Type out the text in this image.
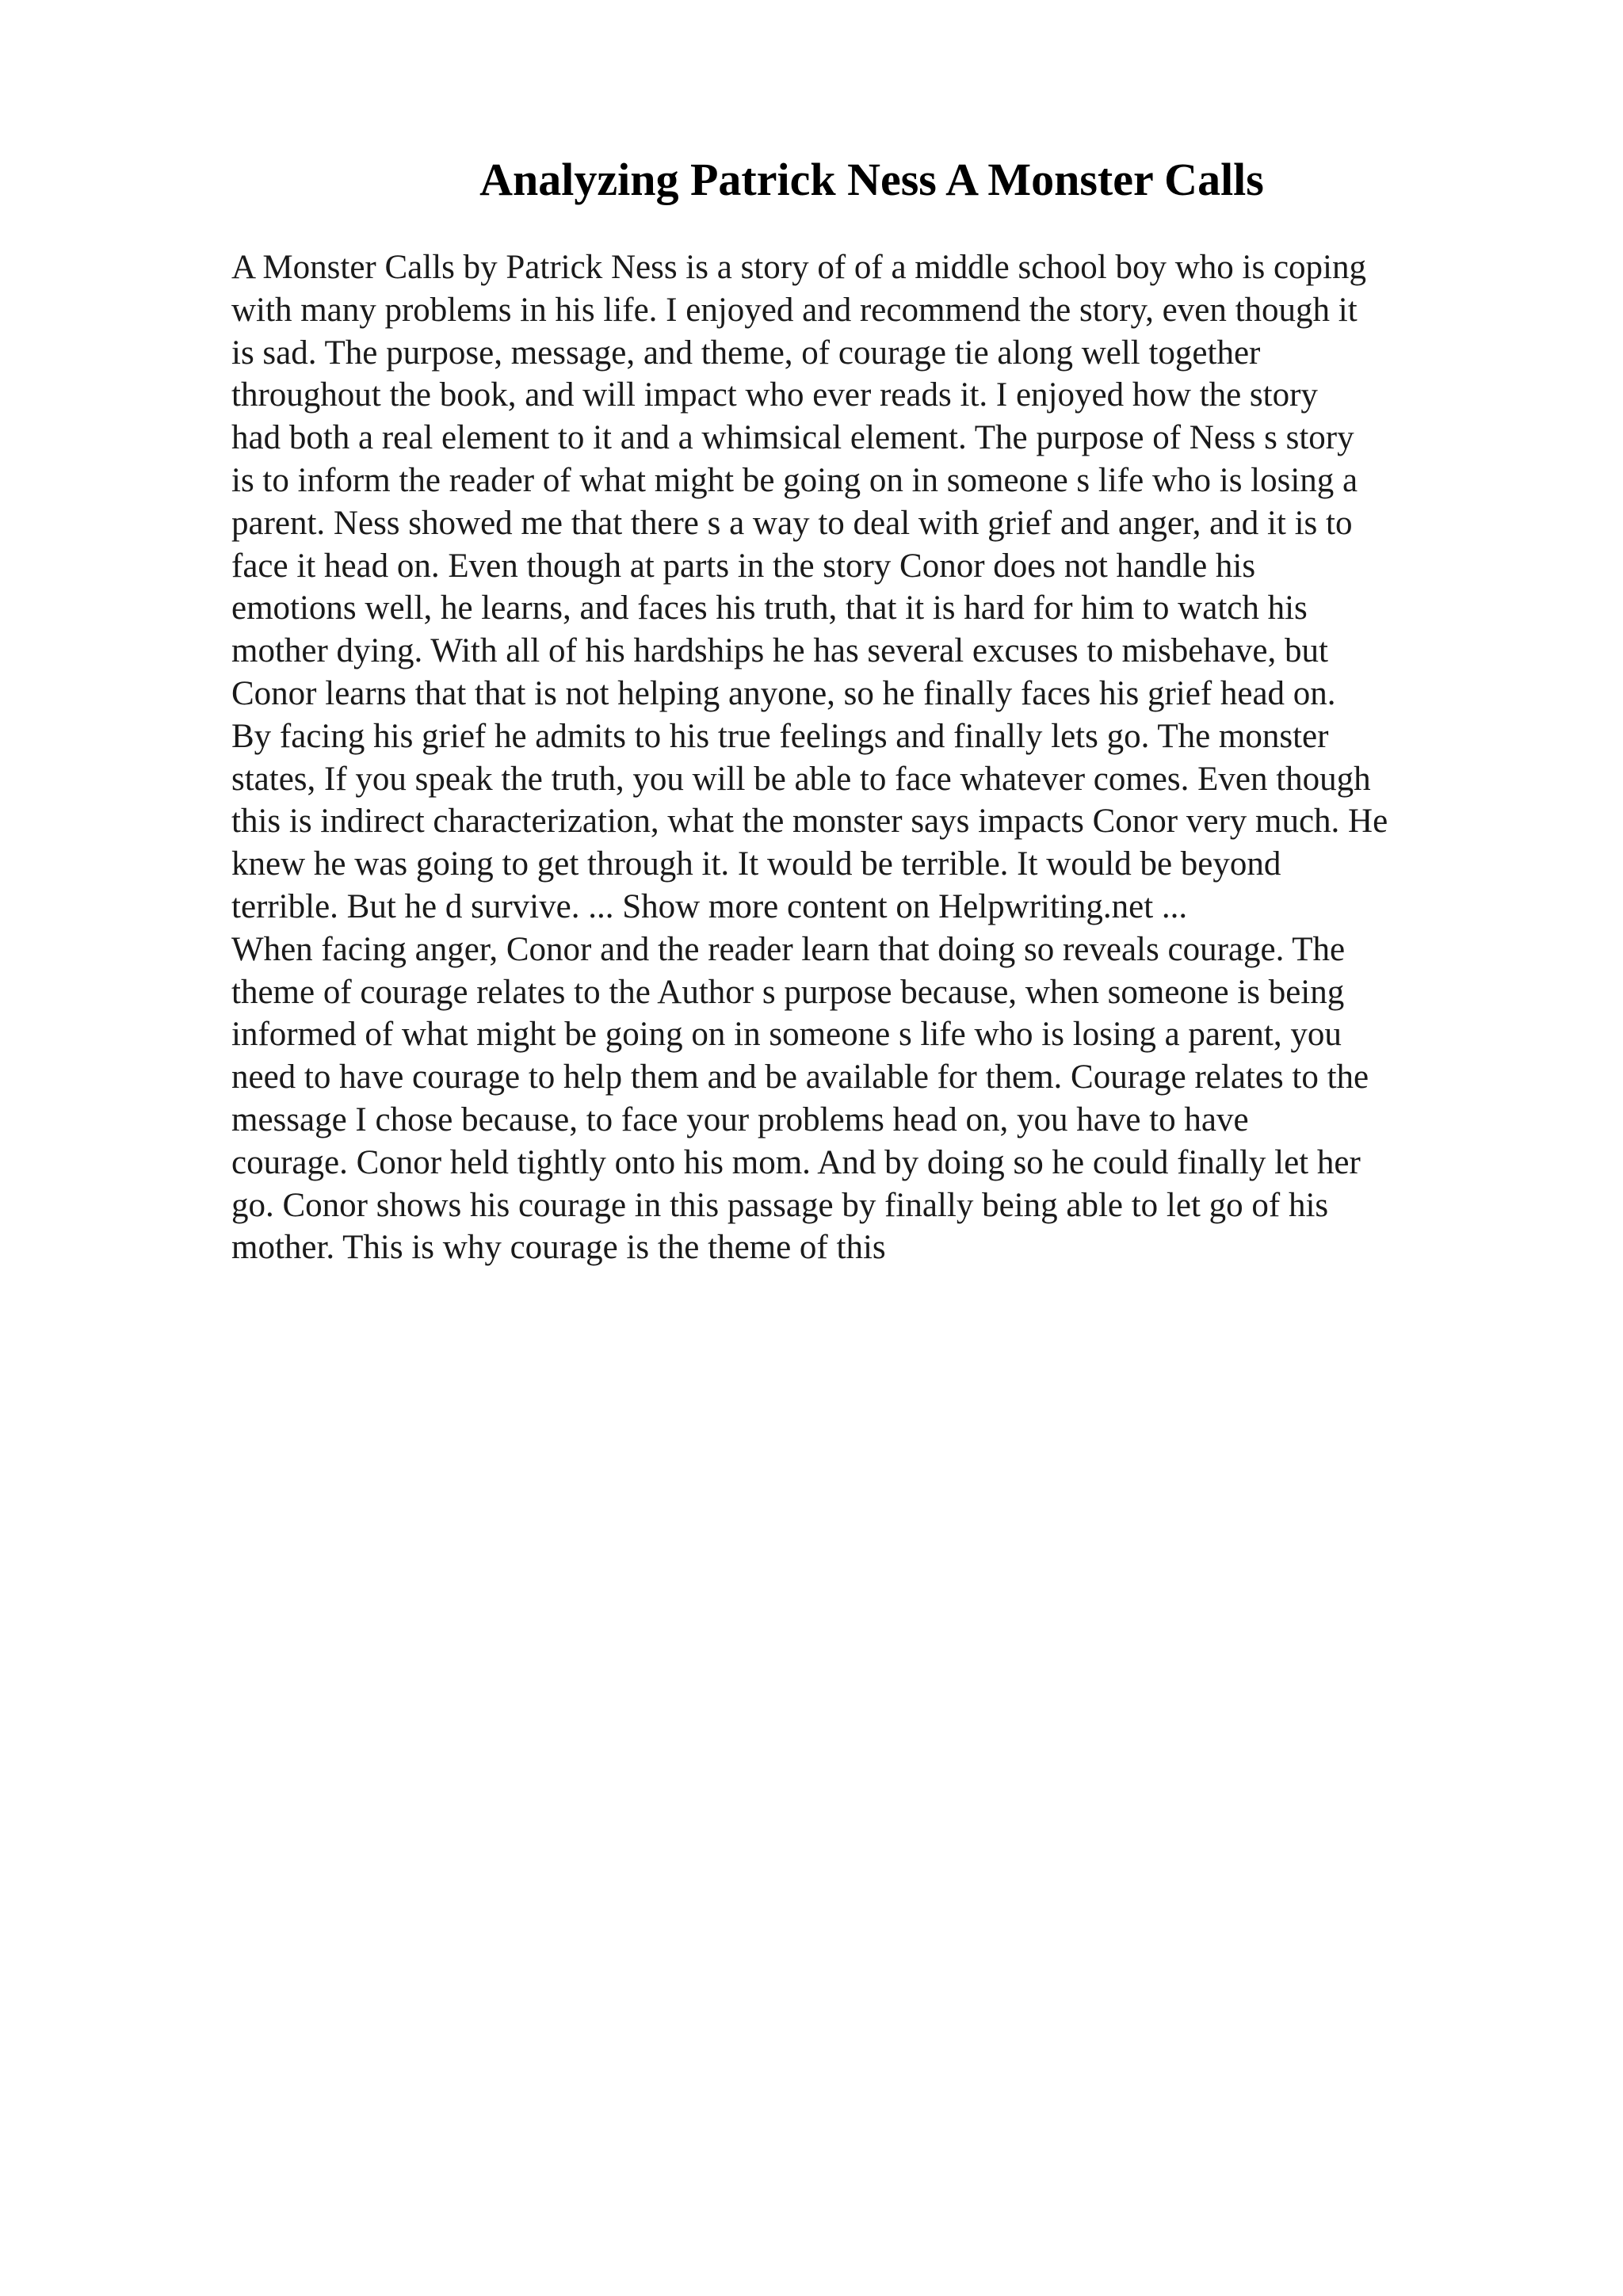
Analyzing Patrick Ness A Monster Calls
A Monster Calls by Patrick Ness is a story of of a middle school boy who is coping
with many problems in his life. I enjoyed and recommend the story, even though it
is sad. The purpose, message, and theme, of courage tie along well together
throughout the book, and will impact who ever reads it. I enjoyed how the story
had both a real element to it and a whimsical element. The purpose of Ness s story
is to inform the reader of what might be going on in someone s life who is losing a
parent. Ness showed me that there s a way to deal with grief and anger, and it is to
face it head on. Even though at parts in the story Conor does not handle his
emotions well, he learns, and faces his truth, that it is hard for him to watch his
mother dying. With all of his hardships he has several excuses to misbehave, but
Conor learns that that is not helping anyone, so he finally faces his grief head on.
By facing his grief he admits to his true feelings and finally lets go. The monster
states, If you speak the truth, you will be able to face whatever comes. Even though
this is indirect characterization, what the monster says impacts Conor very much. He
knew he was going to get through it. It would be terrible. It would be beyond
terrible. But he d survive. ... Show more content on Helpwriting.net ...
When facing anger, Conor and the reader learn that doing so reveals courage. The
theme of courage relates to the Author s purpose because, when someone is being
informed of what might be going on in someone s life who is losing a parent, you
need to have courage to help them and be available for them. Courage relates to the
message I chose because, to face your problems head on, you have to have
courage. Conor held tightly onto his mom. And by doing so he could finally let her
go. Conor shows his courage in this passage by finally being able to let go of his
mother. This is why courage is the theme of this
